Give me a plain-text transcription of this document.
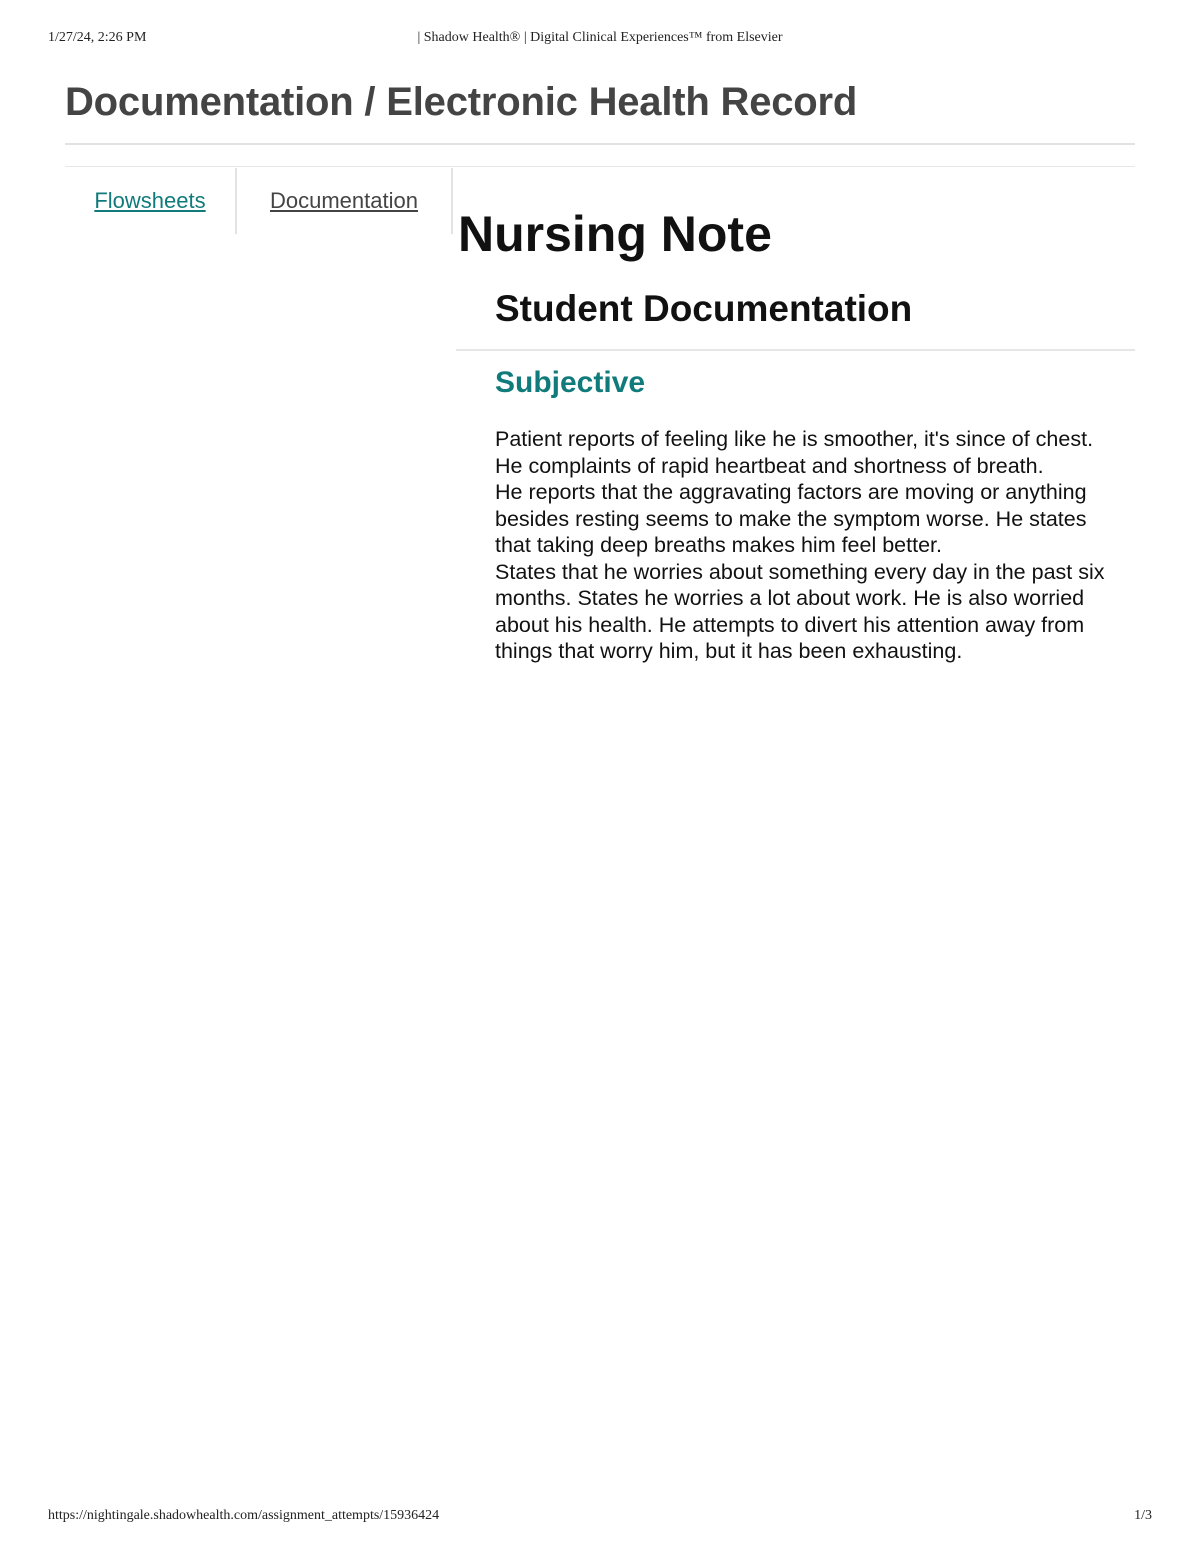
1/27/24, 2:26 PM	| Shadow Health® | Digital Clinical Experiences™ from Elsevier
Documentation / Electronic Health Record
Flowsheets	Documentation
Nursing Note
Student Documentation
Subjective

Patient reports of feeling like he is smoother, it's since of chest. He complaints of rapid heartbeat and shortness of breath.

He reports that the aggravating factors are moving or anything besides resting seems to make the symptom worse. He states that taking deep breaths makes him feel better.

States that he worries about something every day in the past six months. States he worries a lot about work. He is also worried about his health. He attempts to divert his attention away from things that worry him, but it has been exhausting.

https://nightingale.shadowhealth.com/assignment_attempts/15936424	1/3
